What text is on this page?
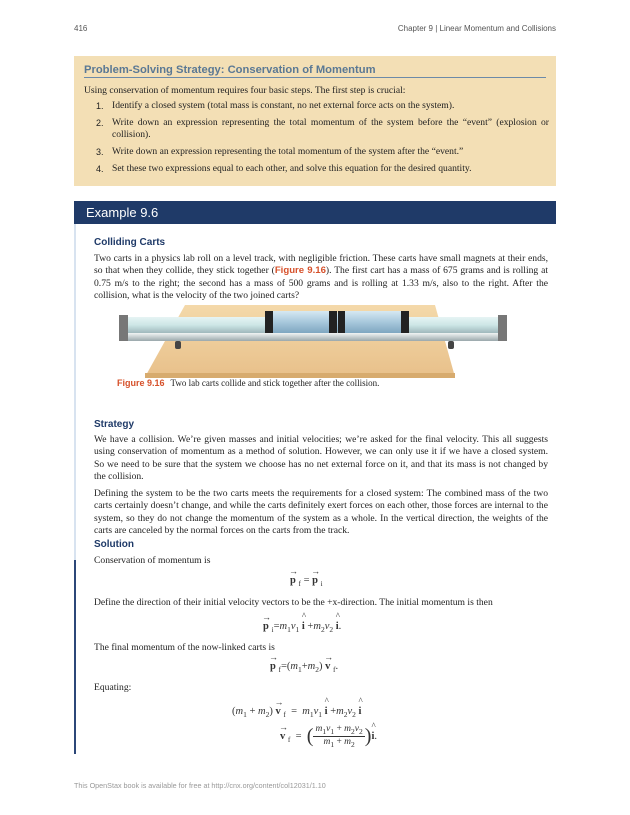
416	Chapter 9 | Linear Momentum and Collisions
Problem-Solving Strategy: Conservation of Momentum
Using conservation of momentum requires four basic steps. The first step is crucial:
1. Identify a closed system (total mass is constant, no net external force acts on the system).
2. Write down an expression representing the total momentum of the system before the “event” (explosion or collision).
3. Write down an expression representing the total momentum of the system after the “event.”
4. Set these two expressions equal to each other, and solve this equation for the desired quantity.
Example 9.6
Colliding Carts
Two carts in a physics lab roll on a level track, with negligible friction. These carts have small magnets at their ends, so that when they collide, they stick together (Figure 9.16). The first cart has a mass of 675 grams and is rolling at 0.75 m/s to the right; the second has a mass of 500 grams and is rolling at 1.33 m/s, also to the right. After the collision, what is the velocity of the two joined carts?
Figure 9.16 Two lab carts collide and stick together after the collision.
Strategy
We have a collision. We’re given masses and initial velocities; we’re asked for the final velocity. This all suggests using conservation of momentum as a method of solution. However, we can only use it if we have a closed system. So we need to be sure that the system we choose has no net external force on it, and that its mass is not changed by the collision.
Defining the system to be the two carts meets the requirements for a closed system: The combined mass of the two carts certainly doesn’t change, and while the carts definitely exert forces on each other, those forces are internal to the system, so they do not change the momentum of the system as a whole. In the vertical direction, the weights of the carts are canceled by the normal forces on the carts from the track.
Solution
Conservation of momentum is
→ p $_f$ = → p $_i$
Define the direction of their initial velocity vectors to be the +x-direction. The initial momentum is then
→ p $_i=m_1v_1$ ^ $i +m_2v_2$ ^ i.
The final momentum of the now-linked carts is
→ p $_f=(m_1+m_2) \to v$ $_f$.
Equating:
$(m_1 + m_2) \to v$ $_f = m_1v_1$ ^ $i +m_2v_2$ ^ i
→ v $_f$ = ( $\frac{m_1v_1 + m_2v_2}{m_1 + m_2}$ )^ i.
This OpenStax book is available for free at http://cnx.org/content/col12031/1.10
